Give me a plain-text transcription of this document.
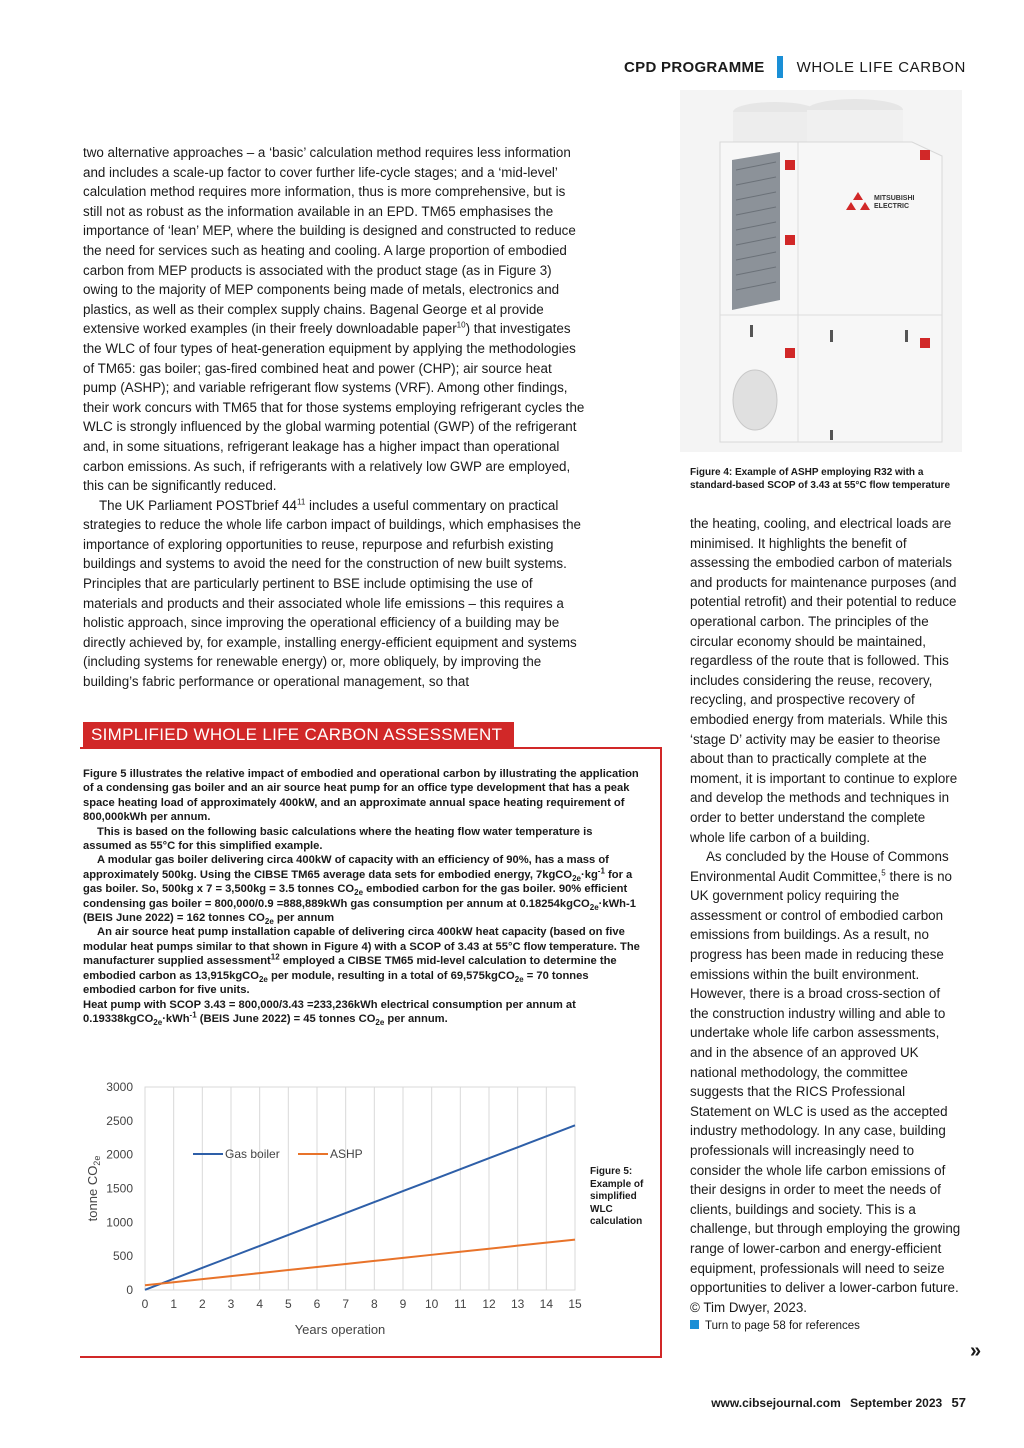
CPD PROGRAMME WHOLE LIFE CARBON

two alternative approaches – a ‘basic’ calculation method requires less information and includes a scale-up factor to cover further life-cycle stages; and a ‘mid-level’ calculation method requires more information, thus is more comprehensive, but is still not as robust as the information available in an EPD. TM65 emphasises the importance of ‘lean’ MEP, where the building is designed and constructed to reduce the need for services such as heating and cooling. A large proportion of embodied carbon from MEP products is associated with the product stage (as in Figure 3) owing to the majority of MEP components being made of metals, electronics and plastics, as well as their complex supply chains. Bagenal George et al provide extensive worked examples (in their freely downloadable paper$^{10}$) that investigates the WLC of four types of heat-generation equipment by applying the methodologies of TM65: gas boiler; gas-fired combined heat and power (CHP); air source heat pump (ASHP); and variable refrigerant flow systems (VRF). Among other findings, their work concurs with TM65 that for those systems employing refrigerant cycles the WLC is strongly influenced by the global warming potential (GWP) of the refrigerant and, in some situations, refrigerant leakage has a higher impact than operational carbon emissions. As such, if refrigerants with a relatively low GWP are employed, this can be significantly reduced.

The UK Parliament POSTbrief $44^{11}$ includes a useful commentary on practical strategies to reduce the whole life carbon impact of buildings, which emphasises the importance of exploring opportunities to reuse, repurpose and refurbish existing buildings and systems to avoid the need for the construction of new built systems. Principles that are particularly pertinent to BSE include optimising the use of materials and products and their associated whole life emissions – this requires a holistic approach, since improving the operational efficiency of a building may be directly achieved by, for example, installing energy-efficient equipment and systems (including systems for renewable energy) or, more obliquely, by improving the building’s fabric performance or operational management, so that

MITSUBISHI
ELECTRIC
Figure 4: Example of ASHP employing R32 with a standard-based SCOP of 3.43 at 55°C flow temperature

the heating, cooling, and electrical loads are minimised. It highlights the benefit of assessing the embodied carbon of materials and products for maintenance purposes (and potential retrofit) and their potential to reduce operational carbon. The principles of the circular economy should be maintained, regardless of the route that is followed. This includes considering the reuse, recovery, recycling, and prospective recovery of embodied energy from materials. While this ‘stage D’ activity may be easier to theorise about than to practically complete at the moment, it is important to continue to explore and develop the methods and techniques in order to better understand the complete whole life carbon of a building.

As concluded by the House of Commons Environmental Audit Committee,$^5$ there is no UK government policy requiring the assessment or control of embodied carbon emissions from buildings. As a result, no progress has been made in reducing these emissions within the built environment. However, there is a broad cross-section of the construction industry willing and able to undertake whole life carbon assessments, and in the absence of an approved UK national methodology, the committee suggests that the RICS Professional Statement on WLC is used as the accepted industry methodology. In any case, building professionals will increasingly need to consider the whole life carbon emissions of their designs in order to meet the needs of clients, buildings and society. This is a challenge, but through employing the growing range of lower-carbon and energy-efficient equipment, professionals will need to seize opportunities to deliver a lower-carbon future.

© Tim Dwyer, 2023.

Turn to page 58 for references

»
SIMPLIFIED WHOLE LIFE CARBON ASSESSMENT

Figure 5 illustrates the relative impact of embodied and operational carbon by illustrating the application of a condensing gas boiler and an air source heat pump for an office type development that has a peak space heating load of approximately 400kW, and an approximate annual space heating requirement of 800,000kWh per annum.

This is based on the following basic calculations where the heating flow water temperature is assumed as 55°C for this simplified example.

A modular gas boiler delivering circa 400kW of capacity with an efficiency of 90%, has a mass of approximately 500kg. Using the CIBSE TM65 average data sets for embodied energy, $7kgCO_{2e}\cdot kg^{-1}$ for a gas boiler. So, 500kg x 7 = 3,500kg = 3.5 tonnes $CO_{2e}$ embodied carbon for the gas boiler. 90% efficient condensing gas boiler = 800,000/0.9 =888,889kWh gas consumption per annum at 0.18254kgCO$_{2e}$·kWh-1 (BEIS June 2022) = 162 tonnes $CO_{2e}$ per annum

An air source heat pump installation capable of delivering circa 400kW heat capacity (based on five modular heat pumps similar to that shown in Figure 4) with a SCOP of 3.43 at 55°C flow temperature. The manufacturer supplied assessment$^{12}$ employed a CIBSE TM65 mid-level calculation to determine the embodied carbon as 13,915kgCO$_{2e}$ per module, resulting in a total of 69,575kgCO$_{2e}$ = 70 tonnes embodied carbon for five units.

Heat pump with SCOP 3.43 = 800,000/3.43 =233,236kWh electrical consumption per annum at 0.19338kgCO$_{2e}$·kWh$^{-1}$ (BEIS June 2022) = 45 tonnes $CO_{2e}$ per annum.

0 1 2 3 4 5 6 7 8 9 10 11 12 13 14 15
0
500
1000
1500
2000
2500
3000
Years operation
tonne $CO_{2e}$	Gas boiler	ASHP
Figure 5: Example of simplified WLC calculation
www.cibsejournal.com September 2023 57
